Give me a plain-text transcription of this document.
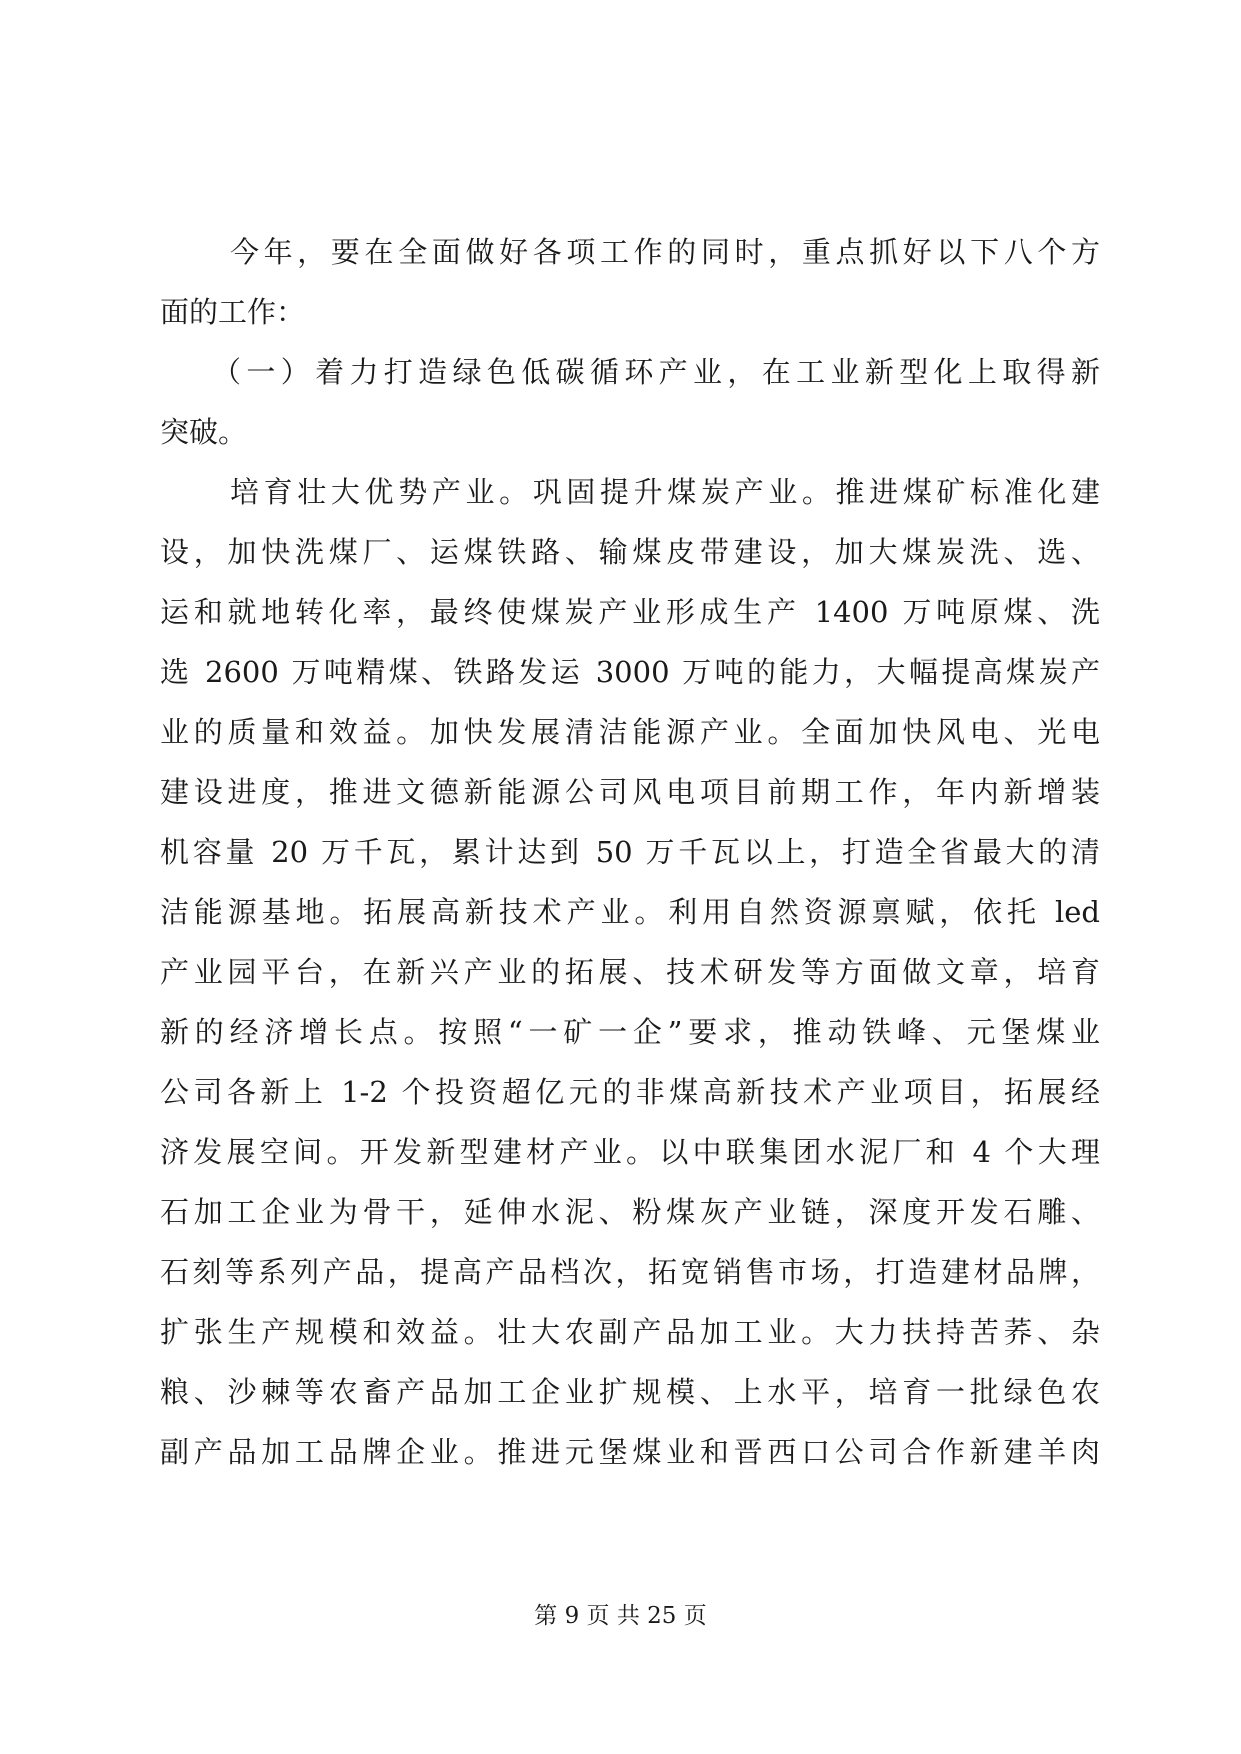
今年，要在全面做好各项工作的同时，重点抓好以下八个方
面的工作：
（一）着力打造绿色低碳循环产业，在工业新型化上取得新
突破。
培育壮大优势产业。巩固提升煤炭产业。推进煤矿标准化建
设，加快洗煤厂、运煤铁路、输煤皮带建设，加大煤炭洗、选、
运和就地转化率，最终使煤炭产业形成生产 1400 万吨原煤、洗
选 2600 万吨精煤、铁路发运 3000 万吨的能力，大幅提高煤炭产
业的质量和效益。加快发展清洁能源产业。全面加快风电、光电
建设进度，推进文德新能源公司风电项目前期工作，年内新增装
机容量 20 万千瓦，累计达到 50 万千瓦以上，打造全省最大的清
洁能源基地。拓展高新技术产业。利用自然资源禀赋，依托 led
产业园平台，在新兴产业的拓展、技术研发等方面做文章，培育
新的经济增长点。按照“一矿一企”要求，推动铁峰、元堡煤业
公司各新上 1-2 个投资超亿元的非煤高新技术产业项目，拓展经
济发展空间。开发新型建材产业。以中联集团水泥厂和 4 个大理
石加工企业为骨干，延伸水泥、粉煤灰产业链，深度开发石雕、
石刻等系列产品，提高产品档次，拓宽销售市场，打造建材品牌，
扩张生产规模和效益。壮大农副产品加工业。大力扶持苦荞、杂
粮、沙棘等农畜产品加工企业扩规模、上水平，培育一批绿色农
副产品加工品牌企业。推进元堡煤业和晋西口公司合作新建羊肉
第 9 页 共 25 页
